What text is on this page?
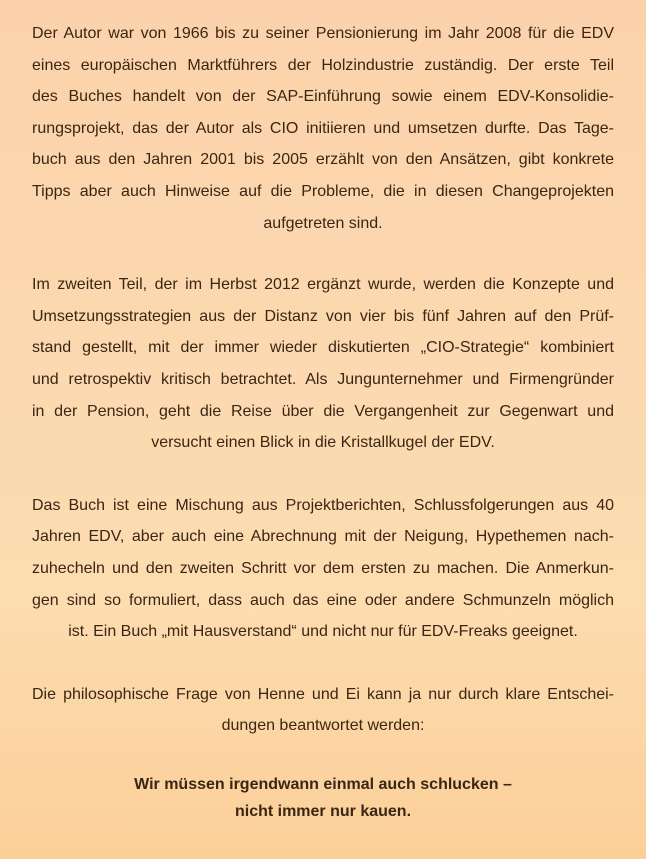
Der Autor war von 1966 bis zu seiner Pensionierung im Jahr 2008 für die EDV
eines europäischen Marktführers der Holzindustrie zuständig. Der erste Teil
des Buches handelt von der SAP-Einführung sowie einem EDV-Konsolidie-
rungsprojekt, das der Autor als CIO initiieren und umsetzen durfte. Das Tage-
buch aus den Jahren 2001 bis 2005 erzählt von den Ansätzen, gibt konkrete
Tipps aber auch Hinweise auf die Probleme, die in diesen Changeprojekten
aufgetreten sind.
Im zweiten Teil, der im Herbst 2012 ergänzt wurde, werden die Konzepte und
Umsetzungsstrategien aus der Distanz von vier bis fünf Jahren auf den Prüf-
stand gestellt, mit der immer wieder diskutierten „CIO-Strategie“ kombiniert
und retrospektiv kritisch betrachtet. Als Jungunternehmer und Firmengründer
in der Pension, geht die Reise über die Vergangenheit zur Gegenwart und
versucht einen Blick in die Kristallkugel der EDV.
Das Buch ist eine Mischung aus Projektberichten, Schlussfolgerungen aus 40
Jahren EDV, aber auch eine Abrechnung mit der Neigung, Hypethemen nach-
zuhecheln und den zweiten Schritt vor dem ersten zu machen. Die Anmerkun-
gen sind so formuliert, dass auch das eine oder andere Schmunzeln möglich
ist. Ein Buch „mit Hausverstand“ und nicht nur für EDV-Freaks geeignet.
Die philosophische Frage von Henne und Ei kann ja nur durch klare Entschei-
dungen beantwortet werden:
Wir müssen irgendwann einmal auch schlucken –
nicht immer nur kauen.
